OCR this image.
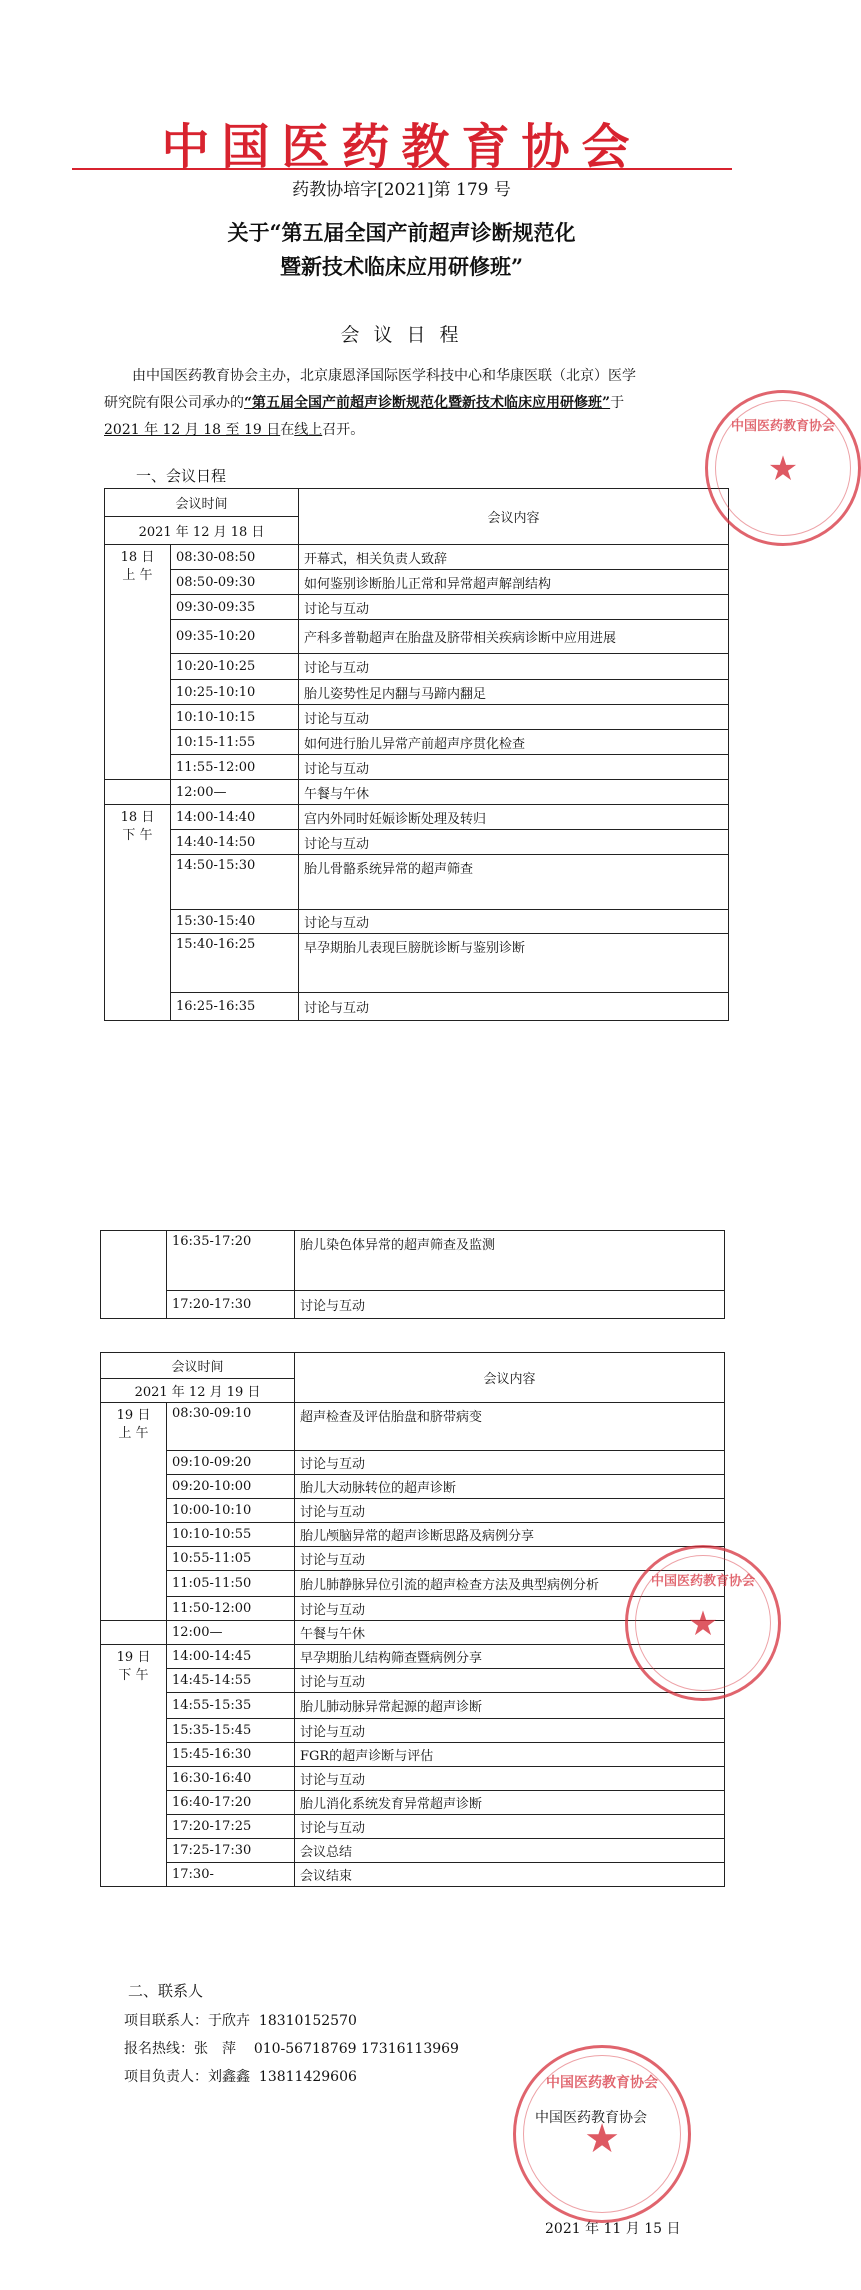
中国医药教育协会
药教协培字[2021]第 179 号
关于“第五届全国产前超声诊断规范化
暨新技术临床应用研修班”
会 议 日 程
由中国医药教育协会主办，北京康恩泽国际医学科技中心和华康医联（北京）医学
研究院有限公司承办的“第五届全国产前超声诊断规范化暨新技术临床应用研修班”于
2021 年 12 月 18 至 19 日在线上召开。
一、会议日程
会议时间		会议内容
2021 年 12 月 18 日		
18 日
上 午	08:30-08:50	开幕式，相关负责人致辞
	08:50-09:30	如何鉴别诊断胎儿正常和异常超声解剖结构
	09:30-09:35	讨论与互动
	09:35-10:20	产科多普勒超声在胎盘及脐带相关疾病诊断中应用进展
	10:20-10:25	讨论与互动
	10:25-10:10	胎儿姿势性足内翻与马蹄内翻足
	10:10-10:15	讨论与互动
	10:15-11:55	如何进行胎儿异常产前超声序贯化检查
	11:55-12:00	讨论与互动
	12:00—	午餐与午休
18 日
下 午	14:00-14:40	宫内外同时妊娠诊断处理及转归
	14:40-14:50	讨论与互动
	14:50-15:30	胎儿骨骼系统异常的超声筛查
	15:30-15:40	讨论与互动
	15:40-16:25	早孕期胎儿表现巨膀胱诊断与鉴别诊断
	16:25-16:35	讨论与互动
	16:35-17:20	胎儿染色体异常的超声筛查及监测
	17:20-17:30	讨论与互动
会议时间		会议内容
2021 年 12 月 19 日		
19 日
上 午	08:30-09:10	超声检查及评估胎盘和脐带病变
	09:10-09:20	讨论与互动
	09:20-10:00	胎儿大动脉转位的超声诊断
	10:00-10:10	讨论与互动
	10:10-10:55	胎儿颅脑异常的超声诊断思路及病例分享
	10:55-11:05	讨论与互动
	11:05-11:50	胎儿肺静脉异位引流的超声检查方法及典型病例分析
	11:50-12:00	讨论与互动
	12:00—	午餐与午休
19 日
下 午	14:00-14:45	早孕期胎儿结构筛查暨病例分享
	14:45-14:55	讨论与互动
	14:55-15:35	胎儿肺动脉异常起源的超声诊断
	15:35-15:45	讨论与互动
	15:45-16:30	FGR的超声诊断与评估
	16:30-16:40	讨论与互动
	16:40-17:20	胎儿消化系统发育异常超声诊断
	17:20-17:25	讨论与互动
	17:25-17:30	会议总结
	17:30-	会议结束
二、联系人
项目联系人：于欣卉 18310152570
报名热线：张　萍 010-56718769 17316113969
项目负责人：刘鑫鑫 13811429606
中国医药教育协会
2021 年 11 月 15 日
★
中国医药教育协会
★
中国医药教育协会
★
中国医药教育协会
